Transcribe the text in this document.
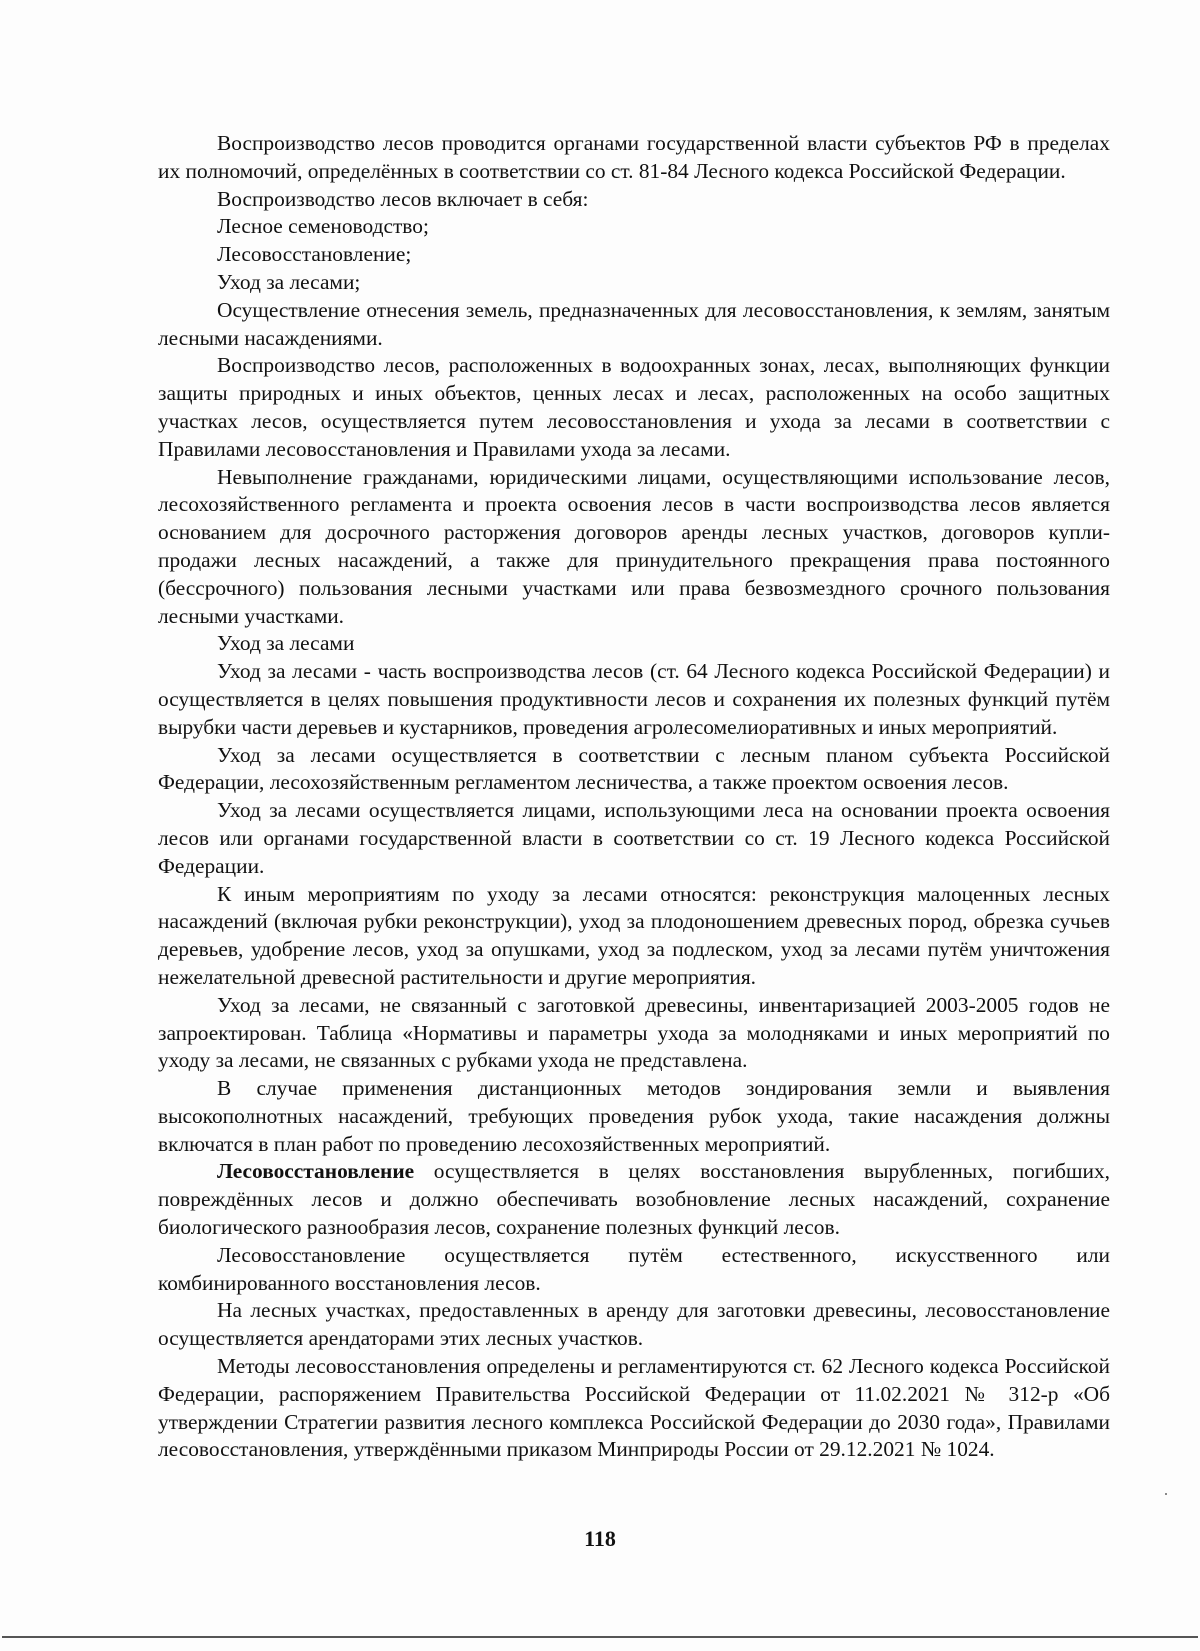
Воспроизводство лесов проводится органами государственной власти субъектов РФ в пределах их полномочий, определённых в соответствии со ст. 81-84 Лесного кодекса Российской Федерации.

Воспроизводство лесов включает в себя:

Лесное семеноводство;

Лесовосстановление;

Уход за лесами;

Осуществление отнесения земель, предназначенных для лесовосстановления, к землям, занятым лесными насаждениями.

Воспроизводство лесов, расположенных в водоохранных зонах, лесах, выполняющих функции защиты природных и иных объектов, ценных лесах и лесах, расположенных на особо защитных участках лесов, осуществляется путем лесовосстановления и ухода за лесами в соответствии с Правилами лесовосстановления и Правилами ухода за лесами.

Невыполнение гражданами, юридическими лицами, осуществляющими использование лесов, лесохозяйственного регламента и проекта освоения лесов в части воспроизводства лесов является основанием для досрочного расторжения договоров аренды лесных участков, договоров купли-продажи лесных насаждений, а также для принудительного прекращения права постоянного (бессрочного) пользования лесными участками или права безвозмездного срочного пользования лесными участками.

Уход за лесами

Уход за лесами - часть воспроизводства лесов (ст. 64 Лесного кодекса Российской Федерации) и осуществляется в целях повышения продуктивности лесов и сохранения их полезных функций путём вырубки части деревьев и кустарников, проведения агролесомелиоративных и иных мероприятий.

Уход за лесами осуществляется в соответствии с лесным планом субъекта Российской Федерации, лесохозяйственным регламентом лесничества, а также проектом освоения лесов.

Уход за лесами осуществляется лицами, использующими леса на основании проекта освоения лесов или органами государственной власти в соответствии со ст. 19 Лесного кодекса Российской Федерации.

К иным мероприятиям по уходу за лесами относятся: реконструкция малоценных лесных насаждений (включая рубки реконструкции), уход за плодоношением древесных пород, обрезка сучьев деревьев, удобрение лесов, уход за опушками, уход за подлеском, уход за лесами путём уничтожения нежелательной древесной растительности и другие мероприятия.

Уход за лесами, не связанный с заготовкой древесины, инвентаризацией 2003-2005 годов не запроектирован. Таблица «Нормативы и параметры ухода за молодняками и иных мероприятий по уходу за лесами, не связанных с рубками ухода не представлена.

В случае применения дистанционных методов зондирования земли и выявления высокополнотных насаждений, требующих проведения рубок ухода, такие насаждения должны включатся в план работ по проведению лесохозяйственных мероприятий.

Лесовосстановление осуществляется в целях восстановления вырубленных, погибших, повреждённых лесов и должно обеспечивать возобновление лесных насаждений, сохранение биологического разнообразия лесов, сохранение полезных функций лесов.

Лесовосстановление осуществляется путём естественного, искусственного или комбинированного восстановления лесов.

На лесных участках, предоставленных в аренду для заготовки древесины, лесовосстановление осуществляется арендаторами этих лесных участков.

Методы лесовосстановления определены и регламентируются ст. 62 Лесного кодекса Российской Федерации, распоряжением Правительства Российской Федерации от 11.02.2021 № 312-р «Об утверждении Стратегии развития лесного комплекса Российской Федерации до 2030 года», Правилами лесовосстановления, утверждёнными приказом Минприроды России от 29.12.2021 № 1024.

118
